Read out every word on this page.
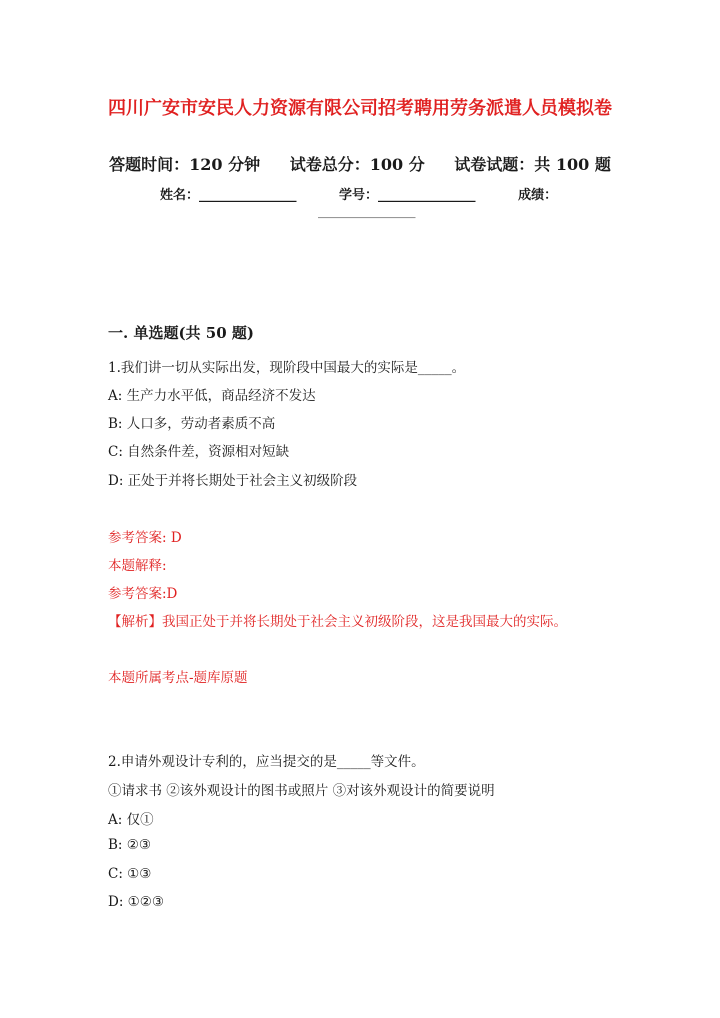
四川广安市安民人力资源有限公司招考聘用劳务派遣人员模拟卷
答题时间：120 分钟 试卷总分：100 分 试卷试题：共 100 题
姓名：_______________	学号：_______________	成绩：
_______________
一. 单选题(共 50 题)
1.我们讲一切从实际出发，现阶段中国最大的实际是_____。
A: 生产力水平低，商品经济不发达
B: 人口多，劳动者素质不高
C: 自然条件差，资源相对短缺
D: 正处于并将长期处于社会主义初级阶段
参考答案: D
本题解释:
参考答案:D
【解析】我国正处于并将长期处于社会主义初级阶段，这是我国最大的实际。
本题所属考点-题库原题
2.申请外观设计专利的，应当提交的是_____等文件。
①请求书 ②该外观设计的图书或照片 ③对该外观设计的简要说明
A: 仅①
B: ②③
C: ①③
D: ①②③
